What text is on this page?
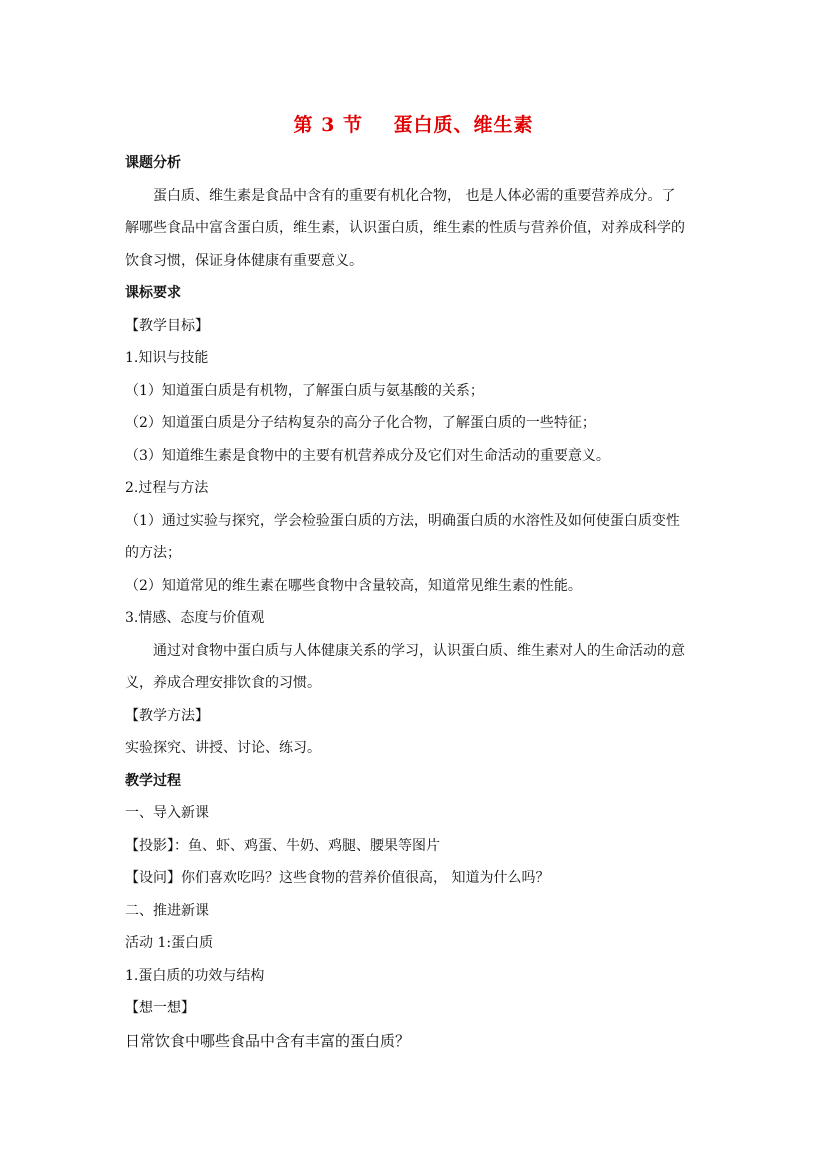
第 3 节    蛋白质、维生素

课题分析

蛋白质、维生素是食品中含有的重要有机化合物， 也是人体必需的重要营养成分。了

解哪些食品中富含蛋白质，维生素，认识蛋白质，维生素的性质与营养价值，对养成科学的

饮食习惯，保证身体健康有重要意义。

课标要求

【教学目标】

1.知识与技能

（1）知道蛋白质是有机物，了解蛋白质与氨基酸的关系；

（2）知道蛋白质是分子结构复杂的高分子化合物，了解蛋白质的一些特征；

（3）知道维生素是食物中的主要有机营养成分及它们对生命活动的重要意义。

2.过程与方法

（1）通过实验与探究，学会检验蛋白质的方法，明确蛋白质的水溶性及如何使蛋白质变性

的方法；

（2）知道常见的维生素在哪些食物中含量较高，知道常见维生素的性能。

3.情感、态度与价值观

通过对食物中蛋白质与人体健康关系的学习，认识蛋白质、维生素对人的生命活动的意

义，养成合理安排饮食的习惯。

【教学方法】

实验探究、讲授、讨论、练习。

教学过程

一、导入新课

【投影】：鱼、虾、鸡蛋、牛奶、鸡腿、腰果等图片

【设问】你们喜欢吃吗？这些食物的营养价值很高， 知道为什么吗？

二、推进新课

活动 1:蛋白质

1.蛋白质的功效与结构

【想一想】

日常饮食中哪些食品中含有丰富的蛋白质？
